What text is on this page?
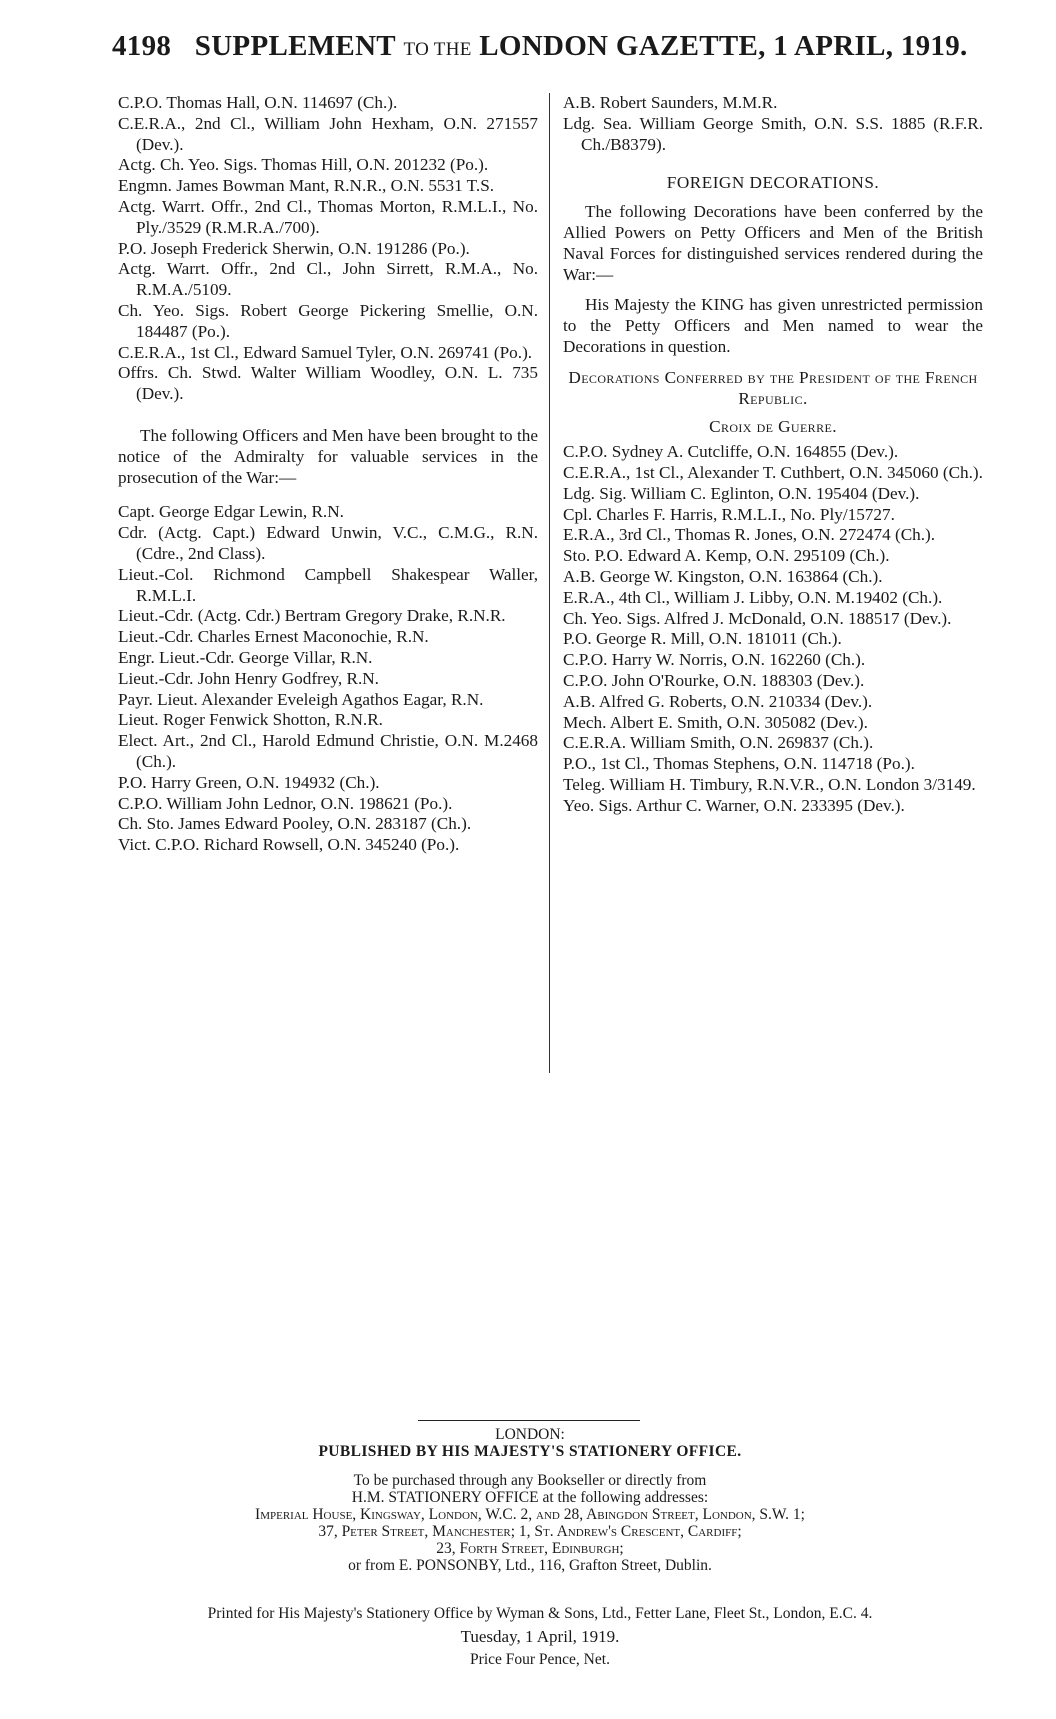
4198 SUPPLEMENT TO THE LONDON GAZETTE, 1 APRIL, 1919.
C.P.O. Thomas Hall, O.N. 114697 (Ch.).
C.E.R.A., 2nd Cl., William John Hexham, O.N. 271557 (Dev.).
Actg. Ch. Yeo. Sigs. Thomas Hill, O.N. 201232 (Po.).
Engmn. James Bowman Mant, R.N.R., O.N. 5531 T.S.
Actg. Warrt. Offr., 2nd Cl., Thomas Morton, R.M.L.I., No. Ply./3529 (R.M.R.A./700).
P.O. Joseph Frederick Sherwin, O.N. 191286 (Po.).
Actg. Warrt. Offr., 2nd Cl., John Sirrett, R.M.A., No. R.M.A./5109.
Ch. Yeo. Sigs. Robert George Pickering Smellie, O.N. 184487 (Po.).
C.E.R.A., 1st Cl., Edward Samuel Tyler, O.N. 269741 (Po.).
Offrs. Ch. Stwd. Walter William Woodley, O.N. L. 735 (Dev.).
The following Officers and Men have been brought to the notice of the Admiralty for valuable services in the prosecution of the War:—
Capt. George Edgar Lewin, R.N.
Cdr. (Actg. Capt.) Edward Unwin, V.C., C.M.G., R.N. (Cdre., 2nd Class).
Lieut.-Col. Richmond Campbell Shakespear Waller, R.M.L.I.
Lieut.-Cdr. (Actg. Cdr.) Bertram Gregory Drake, R.N.R.
Lieut.-Cdr. Charles Ernest Maconochie, R.N.
Engr. Lieut.-Cdr. George Villar, R.N.
Lieut.-Cdr. John Henry Godfrey, R.N.
Payr. Lieut. Alexander Eveleigh Agathos Eagar, R.N.
Lieut. Roger Fenwick Shotton, R.N.R.
Elect. Art., 2nd Cl., Harold Edmund Christie, O.N. M.2468 (Ch.).
P.O. Harry Green, O.N. 194932 (Ch.).
C.P.O. William John Lednor, O.N. 198621 (Po.).
Ch. Sto. James Edward Pooley, O.N. 283187 (Ch.).
Vict. C.P.O. Richard Rowsell, O.N. 345240 (Po.).
A.B. Robert Saunders, M.M.R.
Ldg. Sea. William George Smith, O.N. S.S. 1885 (R.F.R. Ch./B8379).
FOREIGN DECORATIONS.
The following Decorations have been conferred by the Allied Powers on Petty Officers and Men of the British Naval Forces for distinguished services rendered during the War:—
His Majesty the KING has given unrestricted permission to the Petty Officers and Men named to wear the Decorations in question.
Decorations Conferred by the President of the French Republic.
Croix de Guerre.
C.P.O. Sydney A. Cutcliffe, O.N. 164855 (Dev.).
C.E.R.A., 1st Cl., Alexander T. Cuthbert, O.N. 345060 (Ch.).
Ldg. Sig. William C. Eglinton, O.N. 195404 (Dev.).
Cpl. Charles F. Harris, R.M.L.I., No. Ply/15727.
E.R.A., 3rd Cl., Thomas R. Jones, O.N. 272474 (Ch.).
Sto. P.O. Edward A. Kemp, O.N. 295109 (Ch.).
A.B. George W. Kingston, O.N. 163864 (Ch.).
E.R.A., 4th Cl., William J. Libby, O.N. M.19402 (Ch.).
Ch. Yeo. Sigs. Alfred J. McDonald, O.N. 188517 (Dev.).
P.O. George R. Mill, O.N. 181011 (Ch.).
C.P.O. Harry W. Norris, O.N. 162260 (Ch.).
C.P.O. John O'Rourke, O.N. 188303 (Dev.).
A.B. Alfred G. Roberts, O.N. 210334 (Dev.).
Mech. Albert E. Smith, O.N. 305082 (Dev.).
C.E.R.A. William Smith, O.N. 269837 (Ch.).
P.O., 1st Cl., Thomas Stephens, O.N. 114718 (Po.).
Teleg. William H. Timbury, R.N.V.R., O.N. London 3/3149.
Yeo. Sigs. Arthur C. Warner, O.N. 233395 (Dev.).
LONDON:
PUBLISHED BY HIS MAJESTY'S STATIONERY OFFICE.
To be purchased through any Bookseller or directly from
H.M. STATIONERY OFFICE at the following addresses:
Imperial House, Kingsway, London, W.C. 2, and 28, Abingdon Street, London, S.W. 1;
37, Peter Street, Manchester; 1, St. Andrew's Crescent, Cardiff;
23, Forth Street, Edinburgh;
or from E. PONSONBY, Ltd., 116, Grafton Street, Dublin.
Printed for His Majesty's Stationery Office by Wyman & Sons, Ltd., Fetter Lane, Fleet St., London, E.C. 4.
Tuesday, 1 April, 1919.
Price Four Pence, Net.
